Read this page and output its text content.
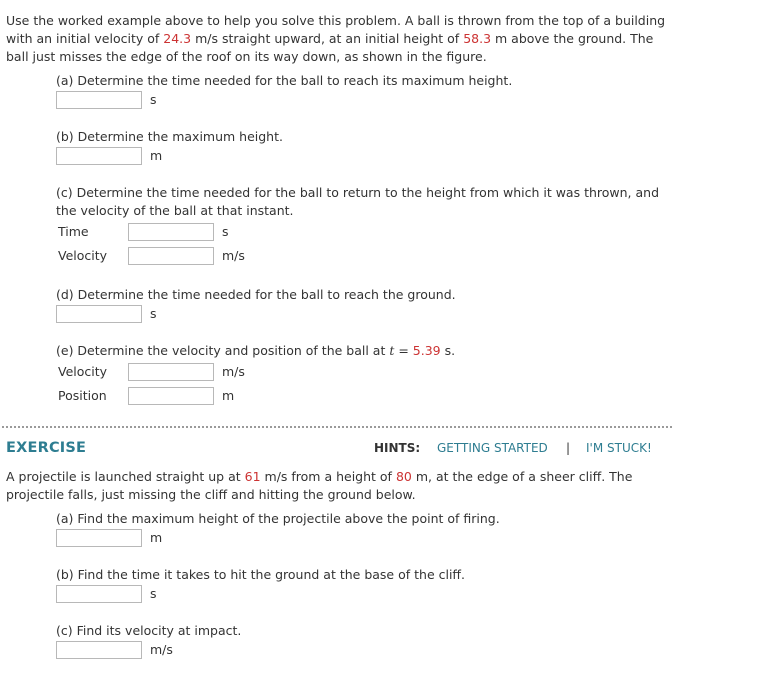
Use the worked example above to help you solve this problem. A ball is thrown from the top of a building

with an initial velocity of 24.3 m/s straight upward, at an initial height of 58.3 m above the ground. The

ball just misses the edge of the roof on its way down, as shown in the figure.

(a) Determine the time needed for the ball to reach its maximum height.

s

(b) Determine the maximum height.

m

(c) Determine the time needed for the ball to return to the height from which it was thrown, and

the velocity of the ball at that instant.

Time	s
Velocity	m/s

(d) Determine the time needed for the ball to reach the ground.

s

(e) Determine the velocity and position of the ball at t = 5.39 s.

Velocity	m/s
Position	m
EXERCISE	HINTS: GETTING STARTED | I'M STUCK!

A projectile is launched straight up at 61 m/s from a height of 80 m, at the edge of a sheer cliff. The

projectile falls, just missing the cliff and hitting the ground below.

(a) Find the maximum height of the projectile above the point of firing.

m

(b) Find the time it takes to hit the ground at the base of the cliff.

s

(c) Find its velocity at impact.

m/s
